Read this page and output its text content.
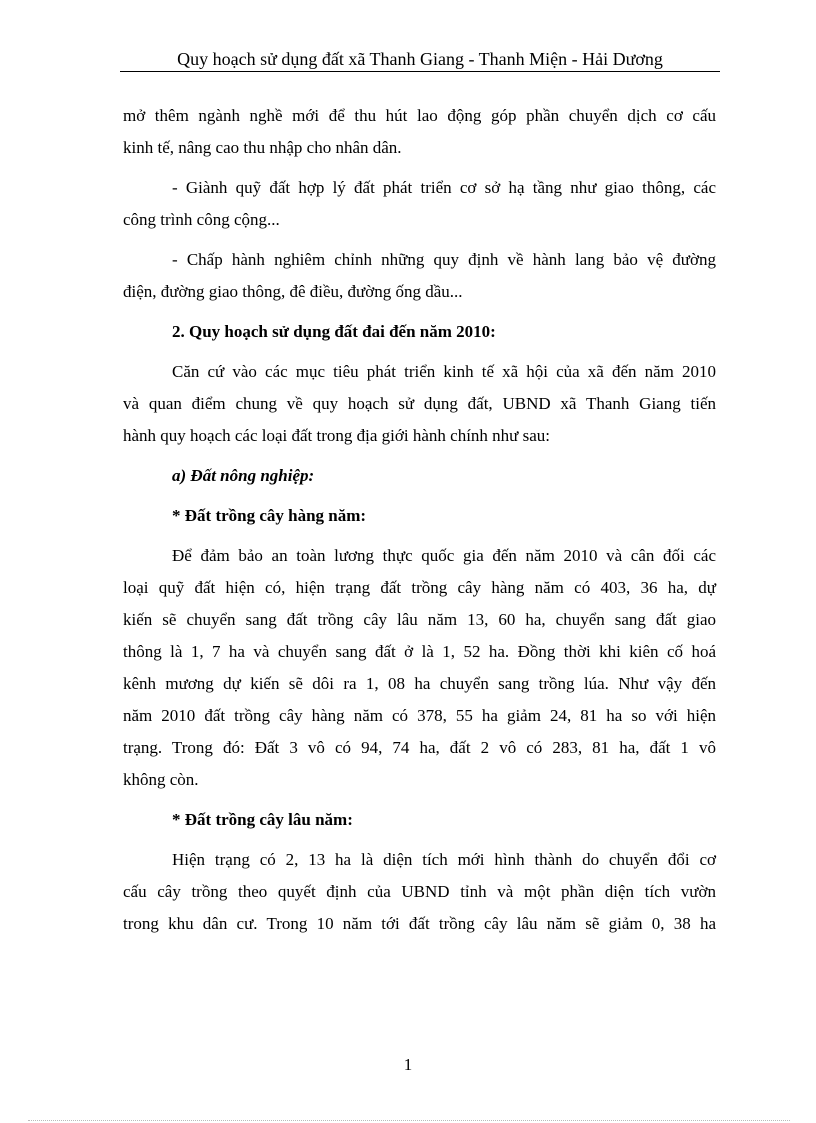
Quy hoạch sử dụng đất xã Thanh Giang - Thanh Miện - Hải Dương
mở thêm ngành nghề mới để thu hút lao động góp phần chuyển dịch cơ cấu
kinh tế, nâng cao thu nhập cho nhân dân.
- Giành quỹ đất hợp lý đất phát triển cơ sở hạ tầng như giao thông, các
công trình công cộng...
- Chấp hành nghiêm chỉnh những quy định về hành lang bảo vệ đường
điện, đường giao thông, đê điều, đường ống dầu...
2. Quy hoạch sử dụng đất đai đến năm 2010:
Căn cứ vào các mục tiêu phát triển kinh tế xã hội của xã đến năm 2010
và quan điểm chung về quy hoạch sử dụng đất, UBND xã Thanh Giang tiến
hành quy hoạch các loại đất trong địa giới hành chính như sau:
a) Đất nông nghiệp:
* Đất trồng cây hàng năm:
Để đảm bảo an toàn lương thực quốc gia đến năm 2010 và cân đối các
loại quỹ đất hiện có, hiện trạng đất trồng cây hàng năm có 403, 36 ha, dự
kiến sẽ chuyển sang đất trồng cây lâu năm 13, 60 ha, chuyển sang đất giao
thông là 1, 7 ha và chuyển sang đất ở là 1, 52 ha. Đồng thời khi kiên cố hoá
kênh mương dự kiến sẽ dôi ra 1, 08 ha chuyển sang trồng lúa. Như vậy đến
năm 2010 đất trồng cây hàng năm có 378, 55 ha giảm 24, 81 ha so với hiện
trạng. Trong đó: Đất 3 vô có 94, 74 ha, đất 2 vô có 283, 81 ha, đất 1 vô
không còn.
* Đất trồng cây lâu năm:
Hiện trạng có 2, 13 ha là diện tích mới hình thành do chuyển đổi cơ
cấu cây trồng theo quyết định của UBND tỉnh và một phần diện tích vườn
trong khu dân cư. Trong 10 năm tới đất trồng cây lâu năm sẽ giảm 0, 38 ha
1
